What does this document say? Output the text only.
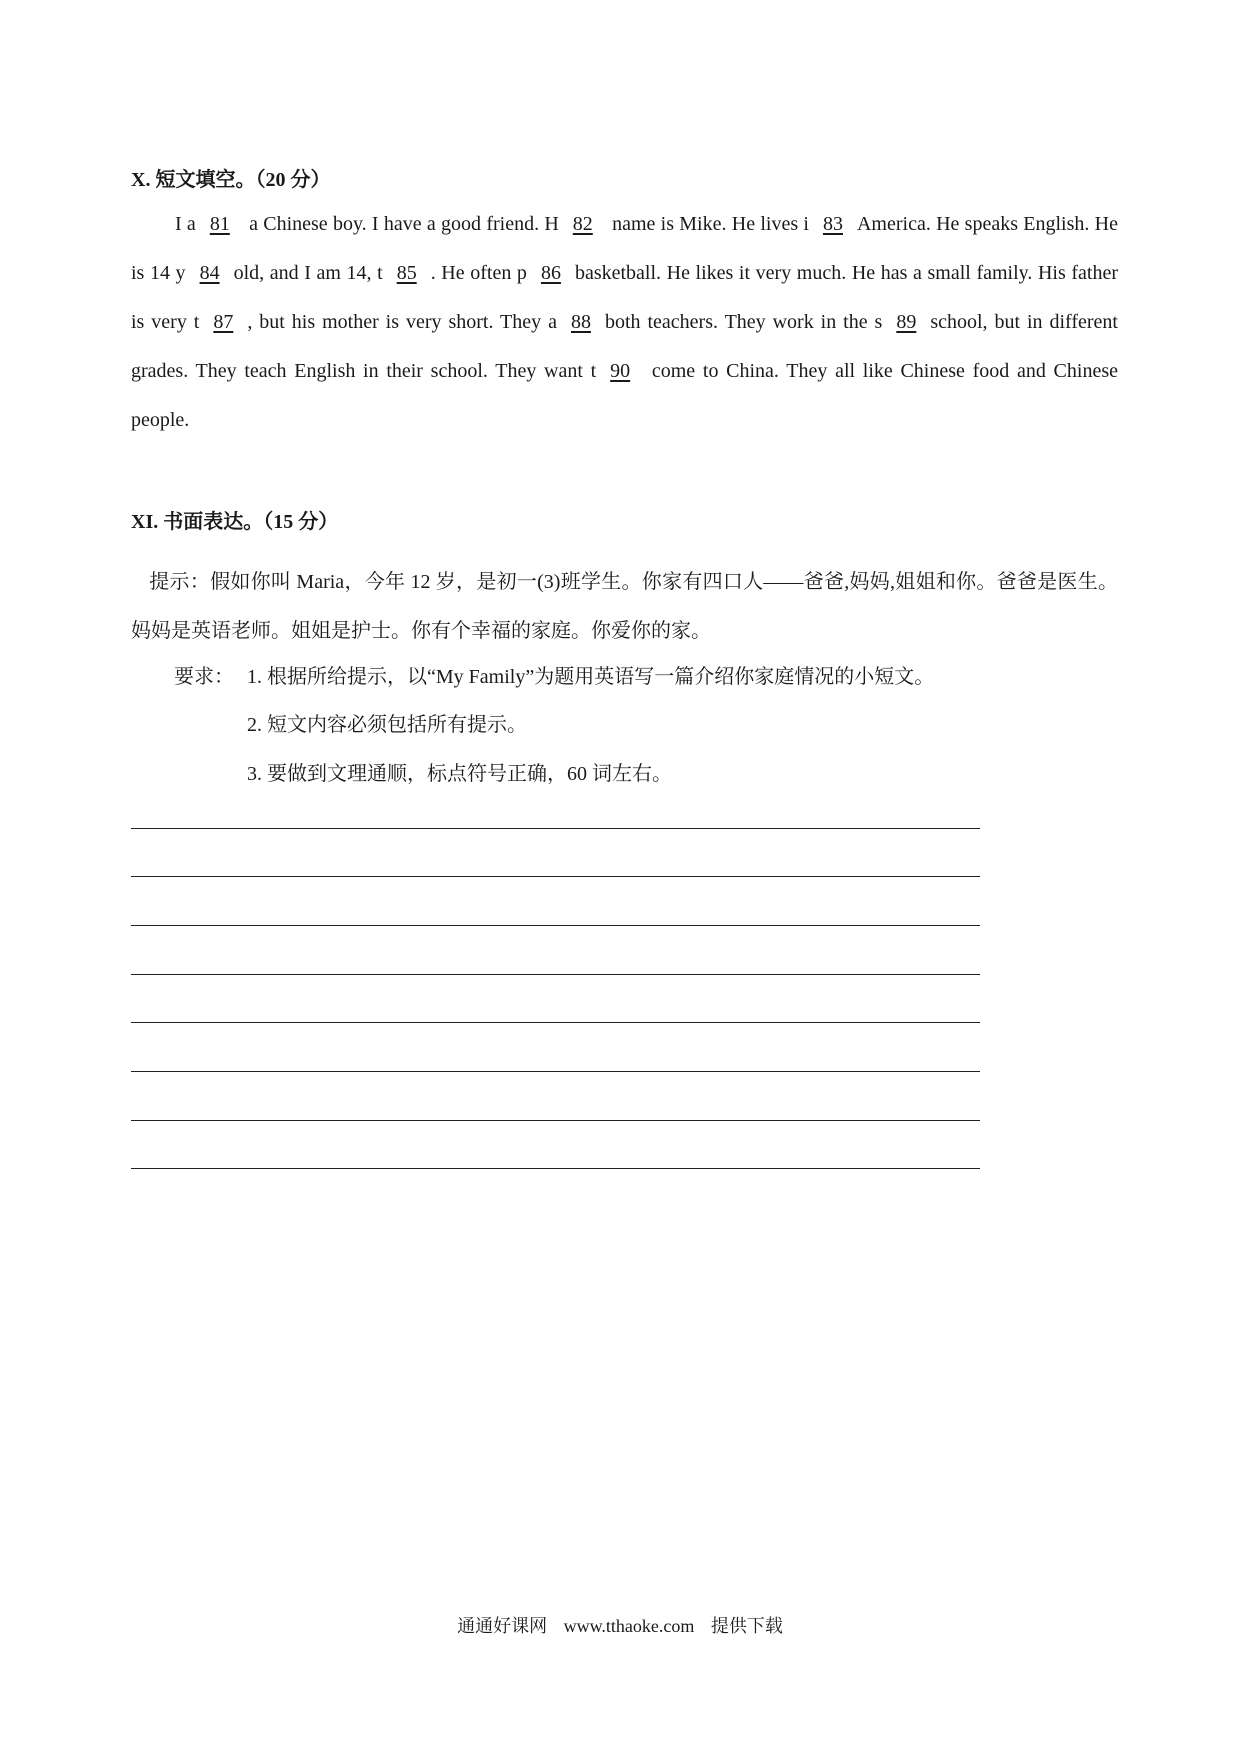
X. 短文填空。（20 分）
I a 81 a Chinese boy. I have a good friend. H 82 name is Mike. He lives i 83 America. He speaks English. He is 14 y 84 old, and I am 14, t 85 . He often p 86 basketball. He likes it very much. He has a small family. His father is very t 87 , but his mother is very short. They a 88 both teachers. They work in the s 89 school, but in different grades. They teach English in their school. They want t 90 come to China. They all like Chinese food and Chinese people.
XI. 书面表达。（15 分）
提示：假如你叫 Maria，今年 12 岁，是初一(3)班学生。你家有四口人——爸爸,妈妈,姐姐和你。爸爸是医生。妈妈是英语老师。姐姐是护士。你有个幸福的家庭。你爱你的家。
要求： 1. 根据所给提示，以“My Family”为题用英语写一篇介绍你家庭情况的小短文。
2. 短文内容必须包括所有提示。
3. 要做到文理通顺，标点符号正确，60 词左右。
通通好课网 www.tthaoke.com 提供下载
